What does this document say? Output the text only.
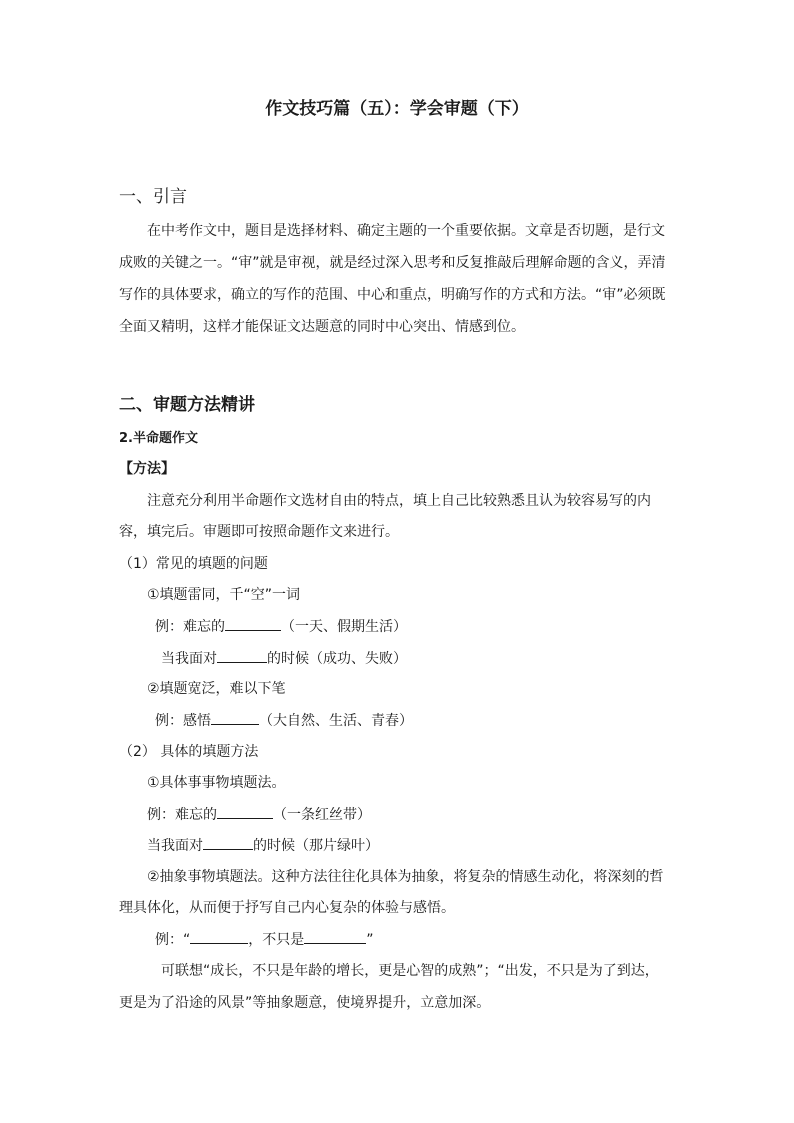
作文技巧篇（五）：学会审题（下）
一、引言
在中考作文中，题目是选择材料、确定主题的一个重要依据。文章是否切题，是行文
成败的关键之一。“审”就是审视，就是经过深入思考和反复推敲后理解命题的含义，弄清
写作的具体要求，确立的写作的范围、中心和重点，明确写作的方式和方法。“审”必须既
全面又精明，这样才能保证文达题意的同时中心突出、情感到位。
二、审题方法精讲
2.半命题作文
【方法】
注意充分利用半命题作文选材自由的特点，填上自己比较熟悉且认为较容易写的内
容，填完后。审题即可按照命题作文来进行。
（1）常见的填题的问题
①填题雷同，千“空”一词
例：难忘的	（一天、假期生活）
当我面对	的时候（成功、失败）
②填题宽泛，难以下笔
例：感悟	（大自然、生活、青春）
（2） 具体的填题方法
①具体事事物填题法。
例：难忘的	（一条红丝带）
当我面对	的时候（那片绿叶）
②抽象事物填题法。这种方法往往化具体为抽象，将复杂的情感生动化，将深刻的哲
理具体化，从而便于抒写自己内心复杂的体验与感悟。
例：“	，不只是	”
可联想“成长，不只是年龄的增长，更是心智的成熟”；“出发，不只是为了到达，
更是为了沿途的风景”等抽象题意，使境界提升，立意加深。
